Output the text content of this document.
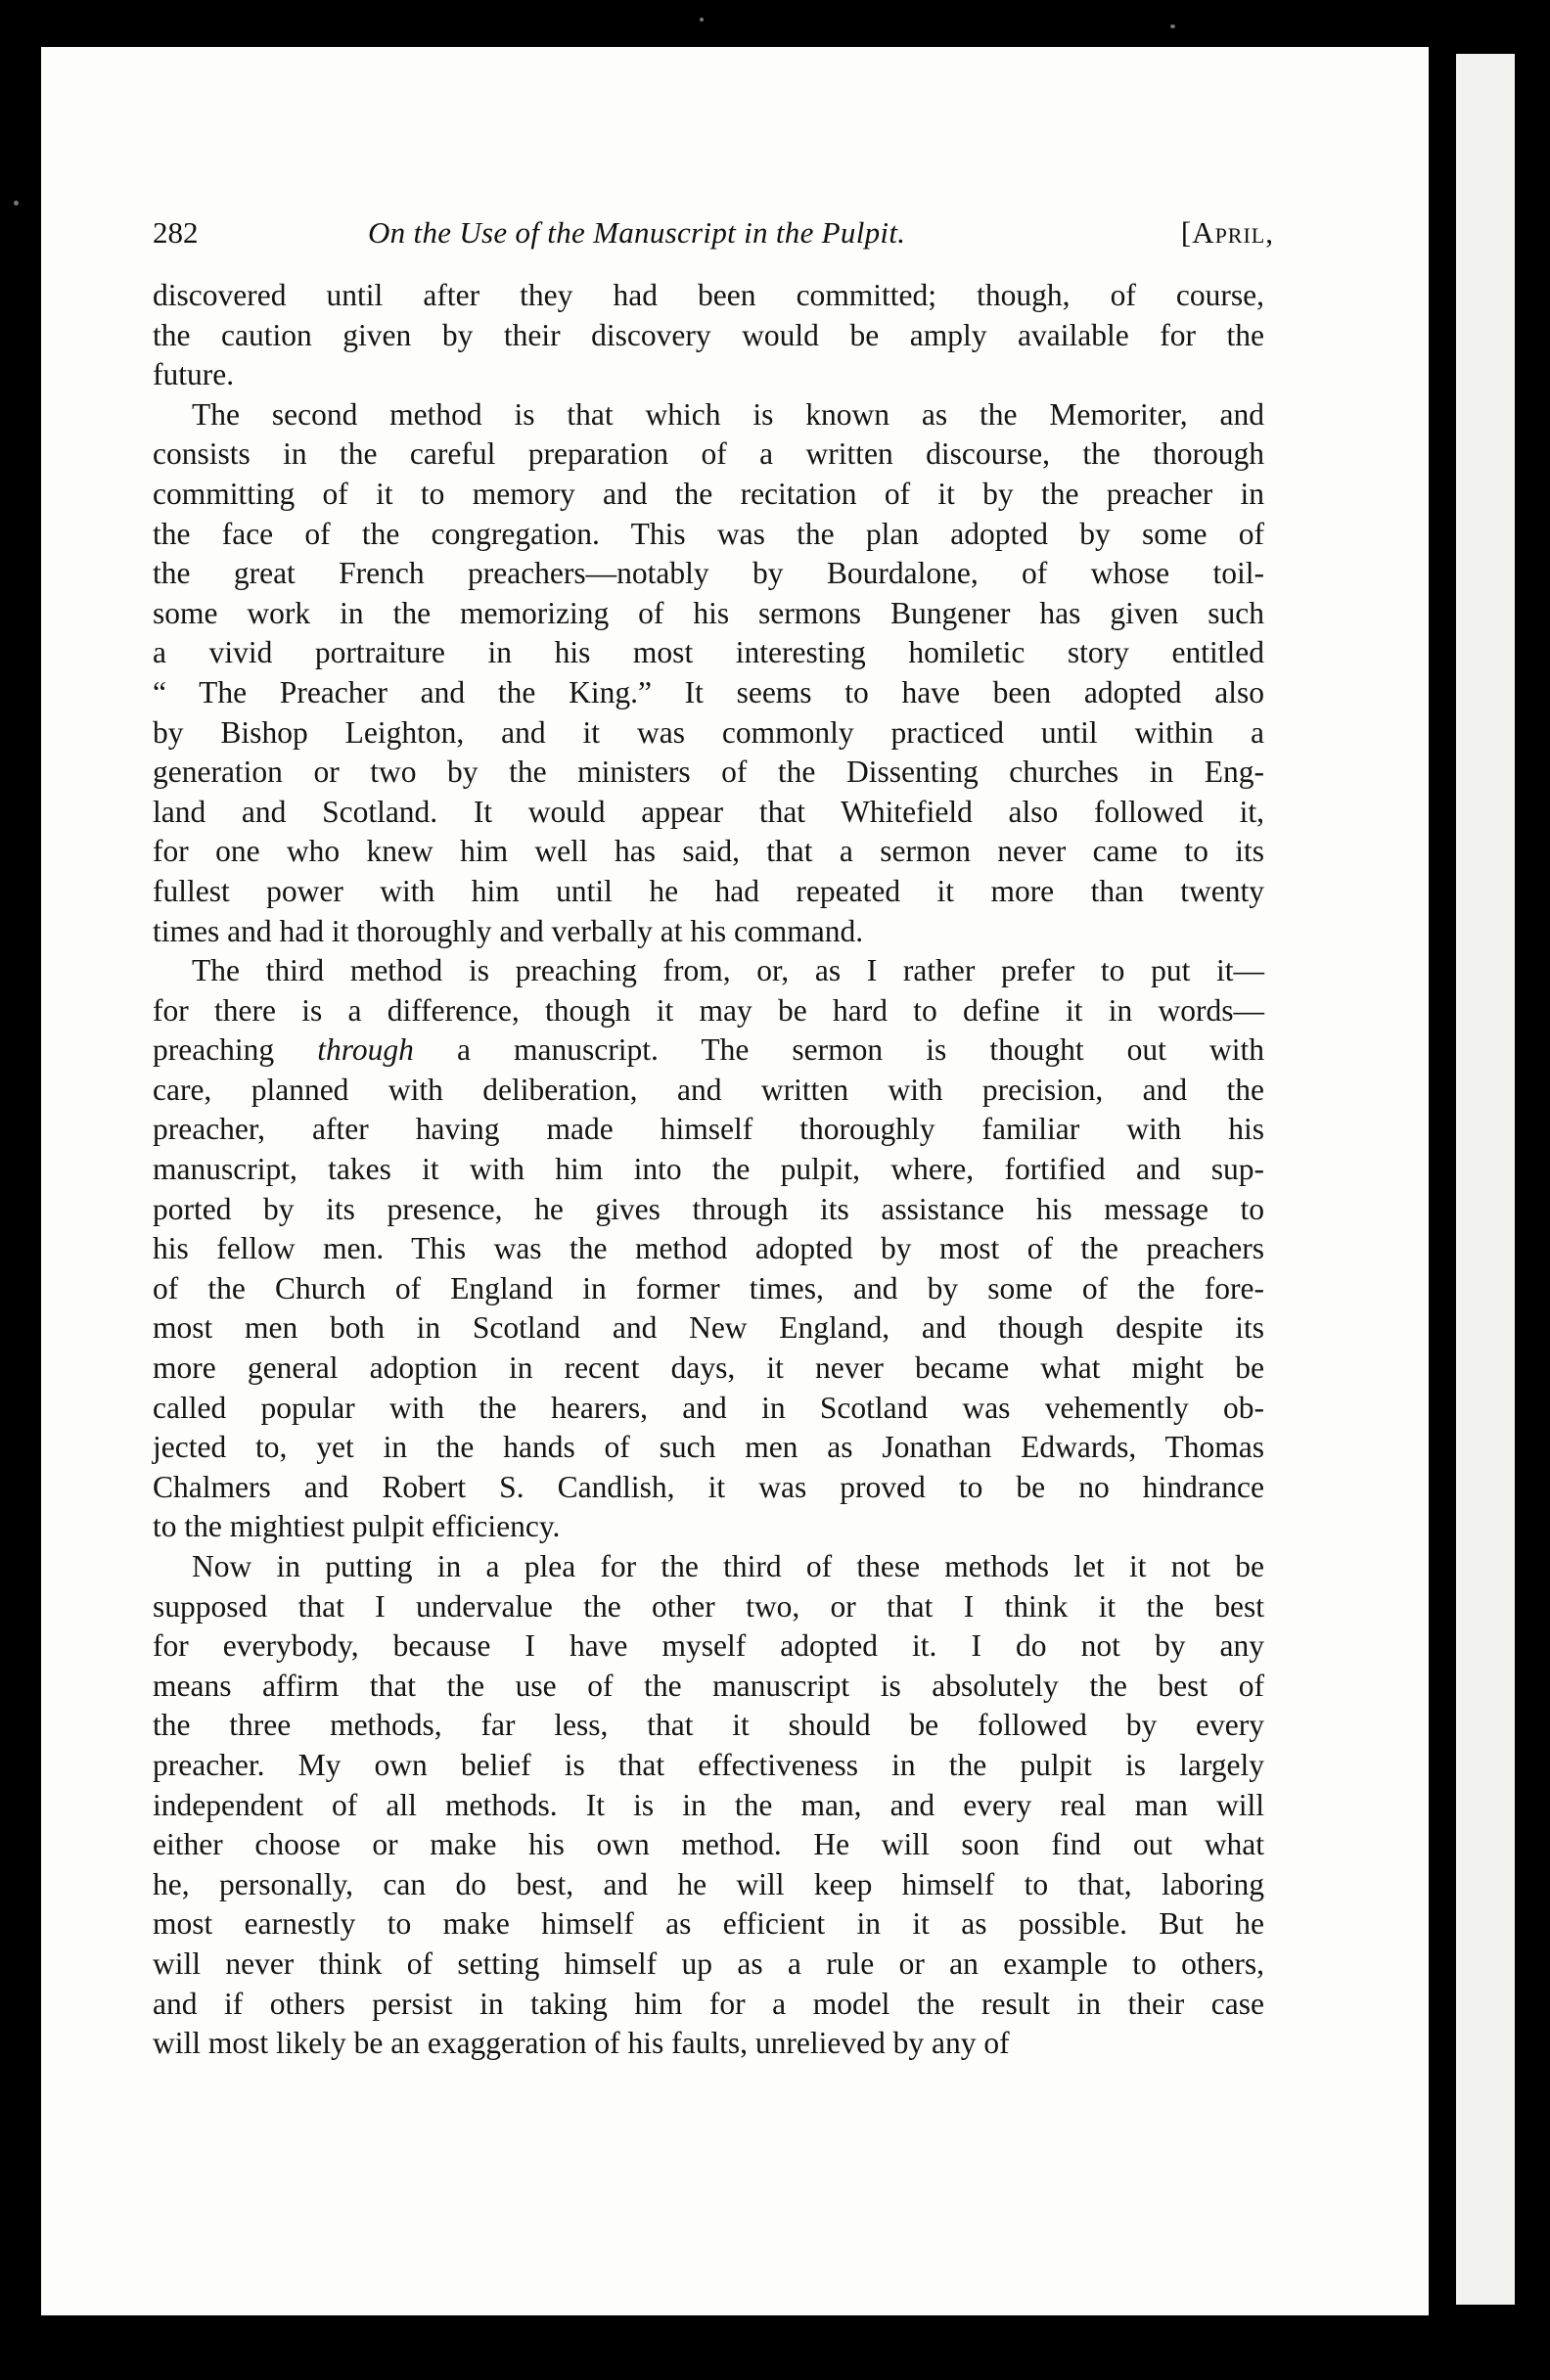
282	On the Use of the Manuscript in the Pulpit.	[April,

discovered until after they had been committed; though, of course,
the caution given by their discovery would be amply available for the
future.

The second method is that which is known as the Memoriter, and
consists in the careful preparation of a written discourse, the thorough
committing of it to memory and the recitation of it by the preacher in
the face of the congregation. This was the plan adopted by some of
the great French preachers—notably by Bourdalone, of whose toil-
some work in the memorizing of his sermons Bungener has given such
a vivid portraiture in his most interesting homiletic story entitled
“ The Preacher and the King.” It seems to have been adopted also
by Bishop Leighton, and it was commonly practiced until within a
generation or two by the ministers of the Dissenting churches in Eng-
land and Scotland. It would appear that Whitefield also followed it,
for one who knew him well has said, that a sermon never came to its
fullest power with him until he had repeated it more than twenty
times and had it thoroughly and verbally at his command.

The third method is preaching from, or, as I rather prefer to put it—
for there is a difference, though it may be hard to define it in words—
preaching through a manuscript. The sermon is thought out with
care, planned with deliberation, and written with precision, and the
preacher, after having made himself thoroughly familiar with his
manuscript, takes it with him into the pulpit, where, fortified and sup-
ported by its presence, he gives through its assistance his message to
his fellow men. This was the method adopted by most of the preachers
of the Church of England in former times, and by some of the fore-
most men both in Scotland and New England, and though despite its
more general adoption in recent days, it never became what might be
called popular with the hearers, and in Scotland was vehemently ob-
jected to, yet in the hands of such men as Jonathan Edwards, Thomas
Chalmers and Robert S. Candlish, it was proved to be no hindrance
to the mightiest pulpit efficiency.

Now in putting in a plea for the third of these methods let it not be
supposed that I undervalue the other two, or that I think it the best
for everybody, because I have myself adopted it. I do not by any
means affirm that the use of the manuscript is absolutely the best of
the three methods, far less, that it should be followed by every
preacher. My own belief is that effectiveness in the pulpit is largely
independent of all methods. It is in the man, and every real man will
either choose or make his own method. He will soon find out what
he, personally, can do best, and he will keep himself to that, laboring
most earnestly to make himself as efficient in it as possible. But he
will never think of setting himself up as a rule or an example to others,
and if others persist in taking him for a model the result in their case
will most likely be an exaggeration of his faults, unrelieved by any of
